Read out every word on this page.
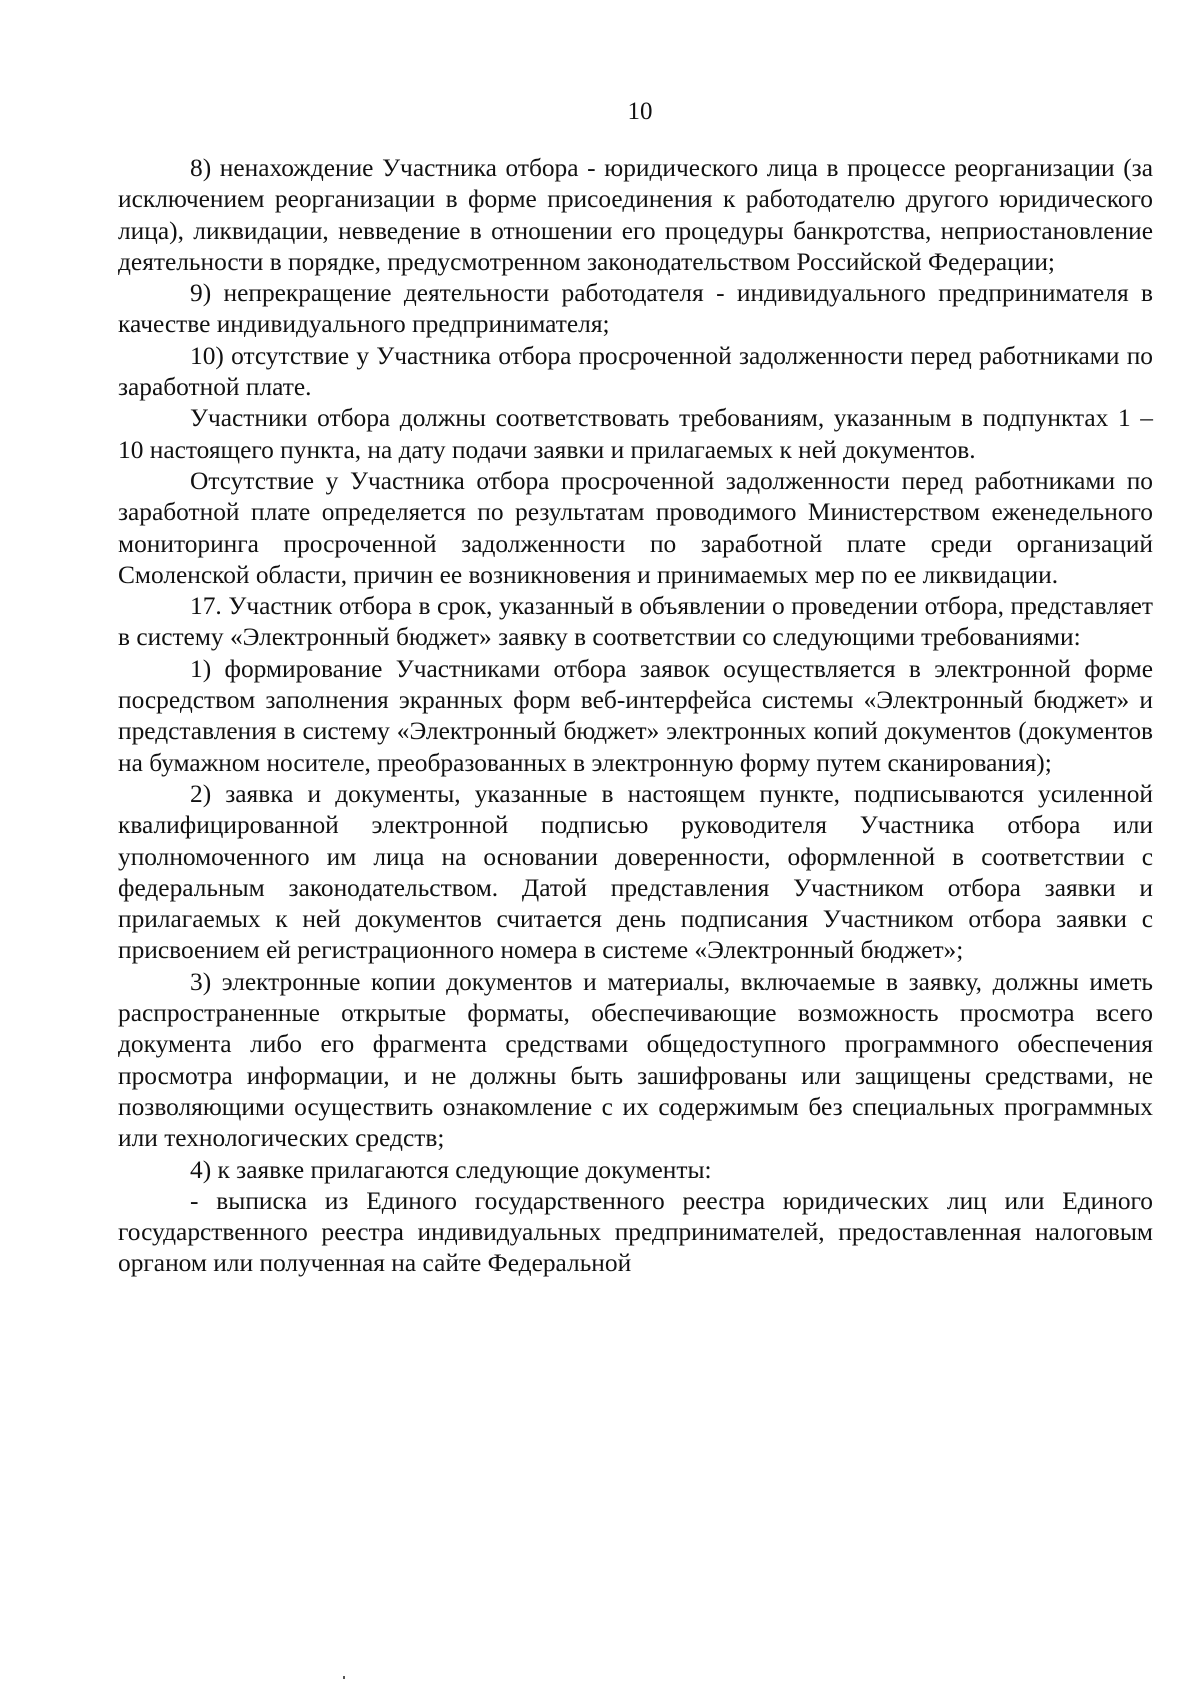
10

8) ненахождение Участника отбора - юридического лица в процессе реорганизации (за исключением реорганизации в форме присоединения к работодателю другого юридического лица), ликвидации, невведение в отношении его процедуры банкротства, неприостановление деятельности в порядке, предусмотренном законодательством Российской Федерации;

9) непрекращение деятельности работодателя - индивидуального предпринимателя в качестве индивидуального предпринимателя;

10) отсутствие у Участника отбора просроченной задолженности перед работниками по заработной плате.

Участники отбора должны соответствовать требованиям, указанным в подпунктах 1 – 10 настоящего пункта, на дату подачи заявки и прилагаемых к ней документов.

Отсутствие у Участника отбора просроченной задолженности перед работниками по заработной плате определяется по результатам проводимого Министерством еженедельного мониторинга просроченной задолженности по заработной плате среди организаций Смоленской области, причин ее возникновения и принимаемых мер по ее ликвидации.

17. Участник отбора в срок, указанный в объявлении о проведении отбора, представляет в систему «Электронный бюджет» заявку в соответствии со следующими требованиями:

1) формирование Участниками отбора заявок осуществляется в электронной форме посредством заполнения экранных форм веб-интерфейса системы «Электронный бюджет» и представления в систему «Электронный бюджет» электронных копий документов (документов на бумажном носителе, преобразованных в электронную форму путем сканирования);

2) заявка и документы, указанные в настоящем пункте, подписываются усиленной квалифицированной электронной подписью руководителя Участника отбора или уполномоченного им лица на основании доверенности, оформленной в соответствии с федеральным законодательством. Датой представления Участником отбора заявки и прилагаемых к ней документов считается день подписания Участником отбора заявки с присвоением ей регистрационного номера в системе «Электронный бюджет»;

3) электронные копии документов и материалы, включаемые в заявку, должны иметь распространенные открытые форматы, обеспечивающие возможность просмотра всего документа либо его фрагмента средствами общедоступного программного обеспечения просмотра информации, и не должны быть зашифрованы или защищены средствами, не позволяющими осуществить ознакомление с их содержимым без специальных программных или технологических средств;

4) к заявке прилагаются следующие документы:

- выписка из Единого государственного реестра юридических лиц или Единого государственного реестра индивидуальных предпринимателей, предоставленная налоговым органом или полученная на сайте Федеральной
